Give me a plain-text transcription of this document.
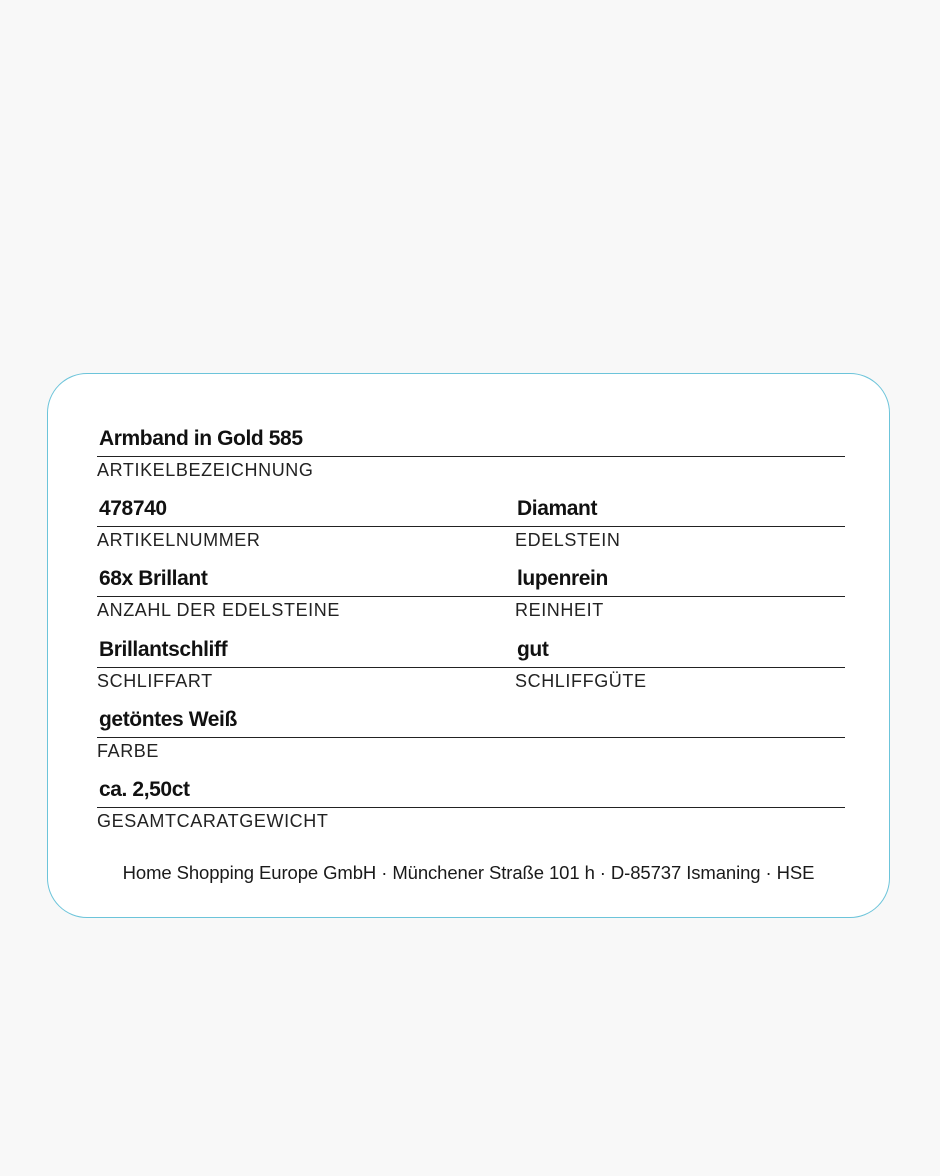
Armband in Gold 585
ARTIKELBEZEICHNUNG
478740
ARTIKELNUMMER
Diamant
EDELSTEIN
68x Brillant
ANZAHL DER EDELSTEINE
lupenrein
REINHEIT
Brillantschliff
SCHLIFFART
gut
SCHLIFFGÜTE
getöntes Weiß
FARBE
ca. 2,50ct
GESAMTCARATGEWICHT
Home Shopping Europe GmbH · Münchener Straße 101 h · D-85737 Ismaning · HSE
